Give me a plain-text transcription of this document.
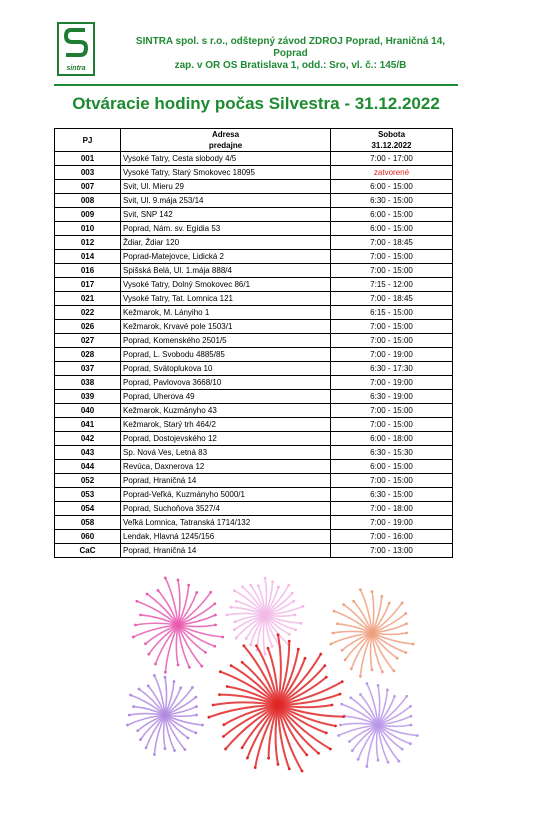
sintra
SINTRA spol. s r.o., odštepný závod ZDROJ Poprad, Hraničná 14,
Poprad
zap. v OR OS Bratislava 1, odd.: Sro, vl. č.: 145/B
Otváracie hodiny počas Silvestra - 31.12.2022
PJ	Adresa	Sobota
	predajne	31.12.2022
001	Vysoké Tatry, Cesta slobody 4/5	7:00 - 17:00
003	Vysoké Tatry, Starý Smokovec 18095	zatvorené
007	Svit, Ul. Mieru 29	6:00 - 15:00
008	Svit, Ul. 9.mája 253/14	6:30 - 15:00
009	Svit, SNP 142	6:00 - 15:00
010	Poprad, Nám. sv. Egídia 53	6:00 - 15:00
012	Ždiar, Ždiar 120	7:00 - 18:45
014	Poprad-Matejovce, Lidická 2	7:00 - 15:00
016	Spišská Belá, Ul. 1.mája 888/4	7:00 - 15:00
017	Vysoké Tatry, Dolný Smokovec 86/1	7:15 - 12:00
021	Vysoké Tatry, Tat. Lomnica 121	7:00 - 18:45
022	Kežmarok, M. Lányiho 1	6:15 - 15:00
026	Kežmarok, Krvavé pole 1503/1	7:00 - 15:00
027	Poprad, Komenského 2501/5	7:00 - 15:00
028	Poprad, L. Svobodu 4885/85	7:00 - 19:00
037	Poprad, Svätoplukova 10	6:30 - 17:30
038	Poprad, Pavlovova 3668/10	7:00 - 19:00
039	Poprad, Uherova 49	6:30 - 19:00
040	Kežmarok, Kuzmányho 43	7:00 - 15:00
041	Kežmarok, Starý trh 464/2	7:00 - 15:00
042	Poprad, Dostojevského 12	6:00 - 18:00
043	Sp. Nová Ves, Letná 83	6:30 - 15:30
044	Revúca, Daxnerova 12	6:00 - 15:00
052	Poprad, Hraničná 14	7:00 - 15:00
053	Poprad-Veľká, Kuzmányho 5000/1	6:30 - 15:00
054	Poprad, Suchoňova 3527/4	7:00 - 18:00
058	Veľká Lomnica, Tatranská 1714/132	7:00 - 19:00
060	Lendak, Hlavná 1245/156	7:00 - 16:00
CaC	Poprad, Hraničná 14	7:00 - 13:00
